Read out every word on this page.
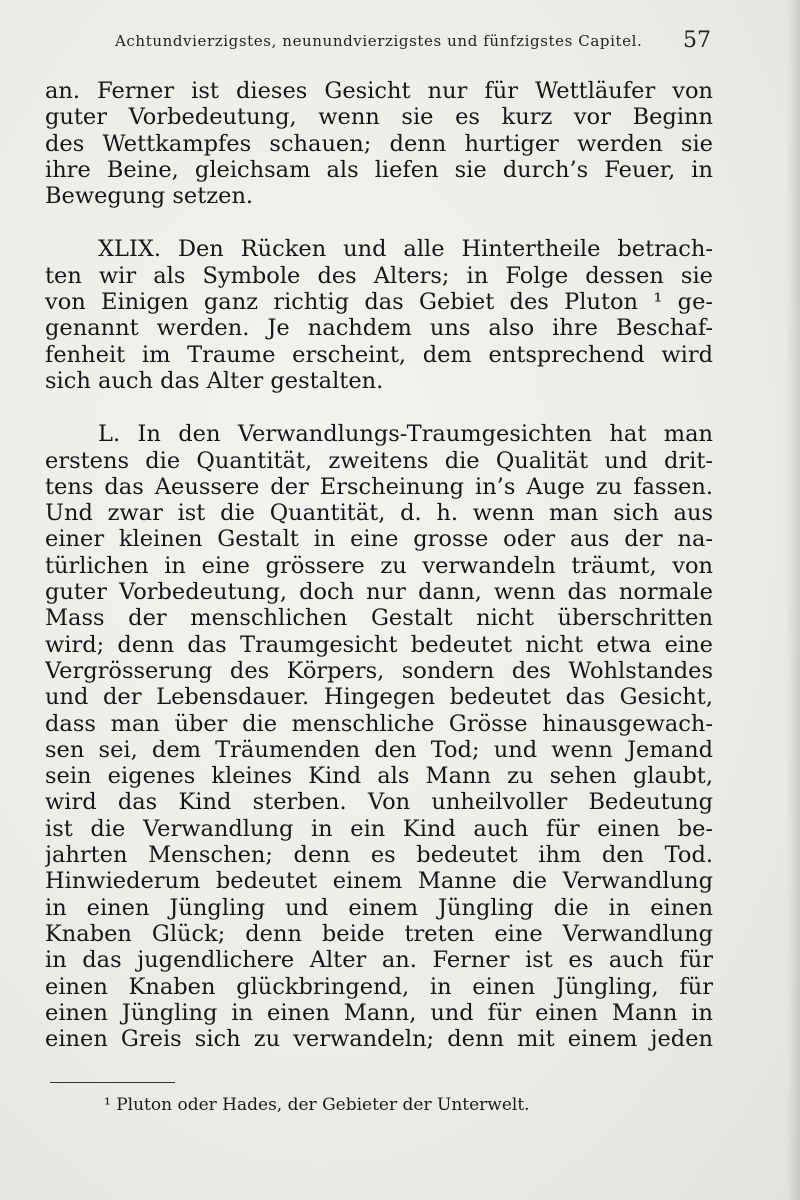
Achtundvierzigstes, neunundvierzigstes und fünfzigstes Capitel. 57
an. Ferner ist dieses Gesicht nur für Wettläufer von
guter Vorbedeutung, wenn sie es kurz vor Beginn
des Wettkampfes schauen; denn hurtiger werden sie
ihre Beine, gleichsam als liefen sie durch’s Feuer, in
Bewegung setzen.
XLIX. Den Rücken und alle Hintertheile betrach-
ten wir als Symbole des Alters; in Folge dessen sie
von Einigen ganz richtig das Gebiet des Pluton ¹ ge-
genannt werden. Je nachdem uns also ihre Beschaf-
fenheit im Traume erscheint, dem entsprechend wird
sich auch das Alter gestalten.
L. In den Verwandlungs-Traumgesichten hat man
erstens die Quantität, zweitens die Qualität und drit-
tens das Aeussere der Erscheinung in’s Auge zu fassen.
Und zwar ist die Quantität, d. h. wenn man sich aus
einer kleinen Gestalt in eine grosse oder aus der na-
türlichen in eine grössere zu verwandeln träumt, von
guter Vorbedeutung, doch nur dann, wenn das normale
Mass der menschlichen Gestalt nicht überschritten
wird; denn das Traumgesicht bedeutet nicht etwa eine
Vergrösserung des Körpers, sondern des Wohlstandes
und der Lebensdauer. Hingegen bedeutet das Gesicht,
dass man über die menschliche Grösse hinausgewach-
sen sei, dem Träumenden den Tod; und wenn Jemand
sein eigenes kleines Kind als Mann zu sehen glaubt,
wird das Kind sterben. Von unheilvoller Bedeutung
ist die Verwandlung in ein Kind auch für einen be-
jahrten Menschen; denn es bedeutet ihm den Tod.
Hinwiederum bedeutet einem Manne die Verwandlung
in einen Jüngling und einem Jüngling die in einen
Knaben Glück; denn beide treten eine Verwandlung
in das jugendlichere Alter an. Ferner ist es auch für
einen Knaben glückbringend, in einen Jüngling, für
einen Jüngling in einen Mann, und für einen Mann in
einen Greis sich zu verwandeln; denn mit einem jeden
¹ Pluton oder Hades, der Gebieter der Unterwelt.
